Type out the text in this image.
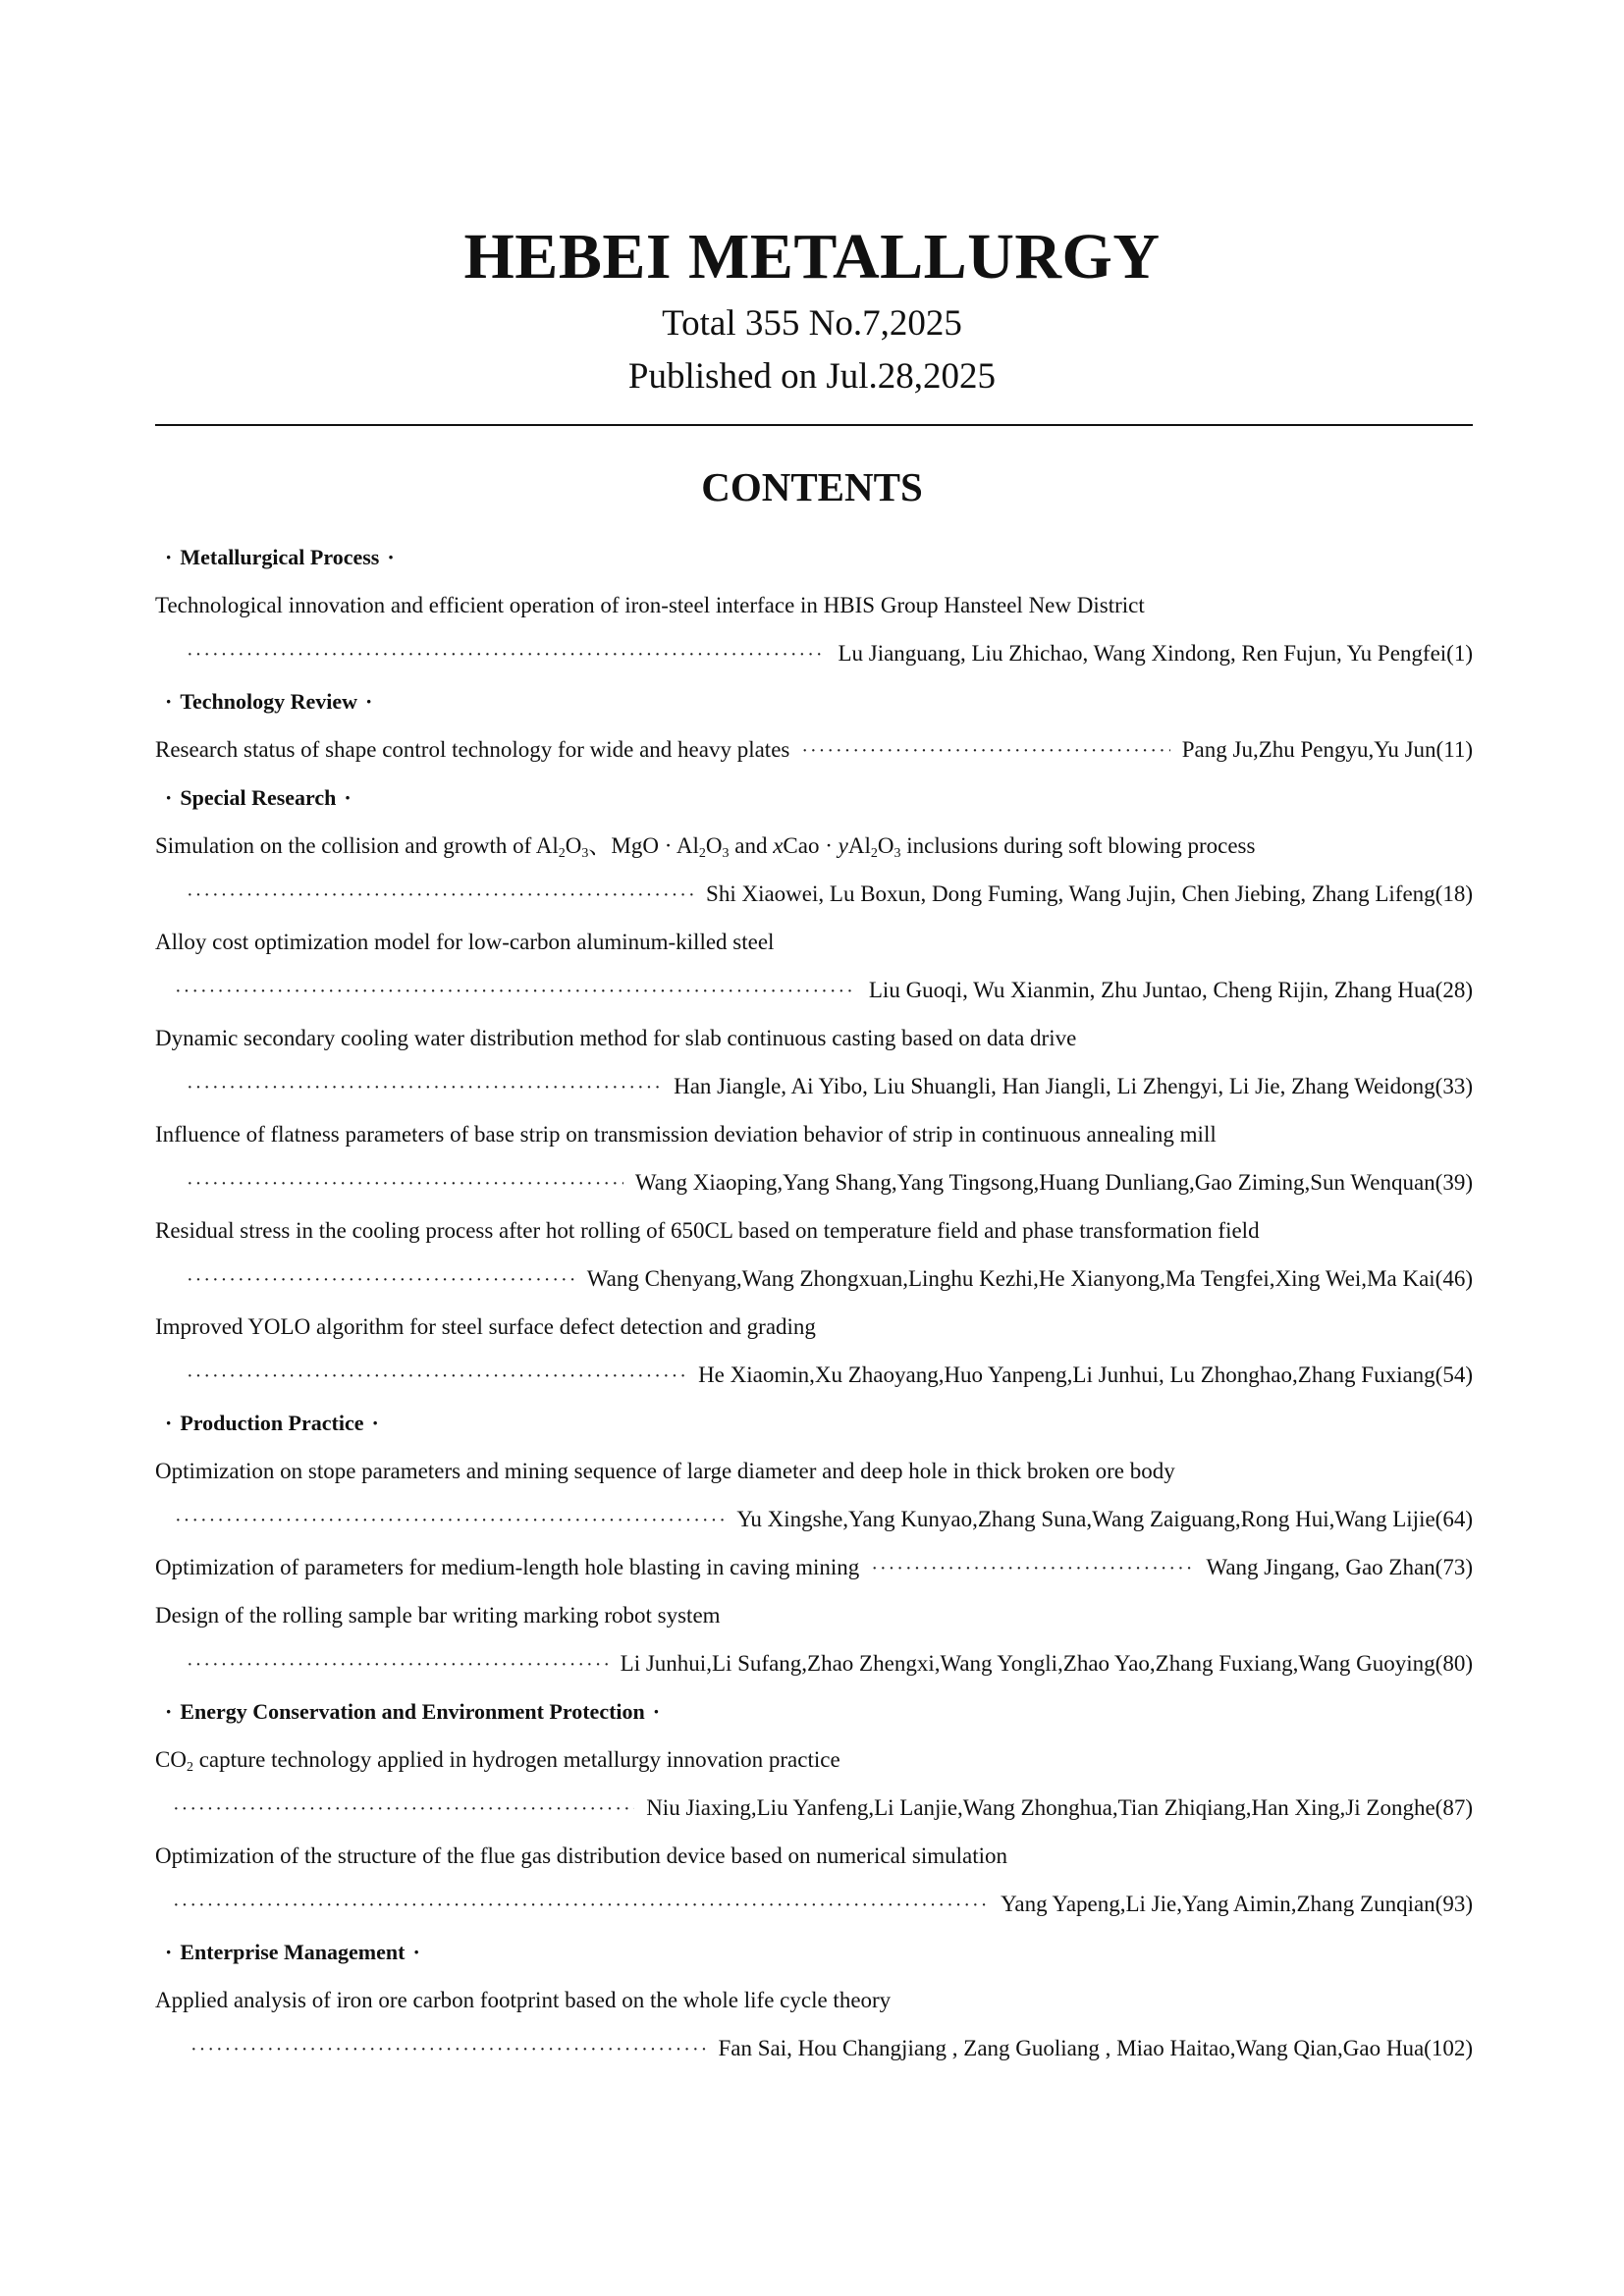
HEBEI METALLURGY
Total 355 No.7,2025
Published on Jul.28,2025
CONTENTS
· Metallurgical Process ·
Technological innovation and efficient operation of iron-steel interface in HBIS Group Hansteel New District
·····
Lu Jianguang, Liu Zhichao, Wang Xindong, Ren Fujun, Yu Pengfei (1)
· Technology Review ·
Research status of shape control technology for wide and heavy plates ·····	Pang Ju,Zhu Pengyu,Yu Jun (11)
· Special Research ·
Simulation on the collision and growth of $Al_2O_3$、MgO · $Al_2O_3$ and xCao · $yAl_2O_3$ inclusions during soft blowing process
·····
Shi Xiaowei, Lu Boxun, Dong Fuming, Wang Jujin, Chen Jiebing, Zhang Lifeng (18)
Alloy cost optimization model for low-carbon aluminum-killed steel
·····
Liu Guoqi, Wu Xianmin, Zhu Juntao, Cheng Rijin, Zhang Hua (28)
Dynamic secondary cooling water distribution method for slab continuous casting based on data drive
·····
Han Jiangle, Ai Yibo, Liu Shuangli, Han Jiangli, Li Zhengyi, Li Jie, Zhang Weidong (33)
Influence of flatness parameters of base strip on transmission deviation behavior of strip in continuous annealing mill
·····
Wang Xiaoping,Yang Shang,Yang Tingsong,Huang Dunliang,Gao Ziming,Sun Wenquan (39)
Residual stress in the cooling process after hot rolling of 650CL based on temperature field and phase transformation field
·····
Wang Chenyang,Wang Zhongxuan,Linghu Kezhi,He Xianyong,Ma Tengfei,Xing Wei,Ma Kai (46)
Improved YOLO algorithm for steel surface defect detection and grading
·····
He Xiaomin,Xu Zhaoyang,Huo Yanpeng,Li Junhui, Lu Zhonghao,Zhang Fuxiang (54)
· Production Practice ·
Optimization on stope parameters and mining sequence of large diameter and deep hole in thick broken ore body
·····
Yu Xingshe,Yang Kunyao,Zhang Suna,Wang Zaiguang,Rong Hui,Wang Lijie (64)
Optimization of parameters for medium-length hole blasting in caving mining ·····	Wang Jingang, Gao Zhan (73)
Design of the rolling sample bar writing marking robot system
·····
Li Junhui,Li Sufang,Zhao Zhengxi,Wang Yongli,Zhao Yao,Zhang Fuxiang,Wang Guoying (80)
· Energy Conservation and Environment Protection ·
$CO_2$ capture technology applied in hydrogen metallurgy innovation practice
·····
Niu Jiaxing,Liu Yanfeng,Li Lanjie,Wang Zhonghua,Tian Zhiqiang,Han Xing,Ji Zonghe (87)
Optimization of the structure of the flue gas distribution device based on numerical simulation
·····
Yang Yapeng,Li Jie,Yang Aimin,Zhang Zunqian (93)
· Enterprise Management ·
Applied analysis of iron ore carbon footprint based on the whole life cycle theory
·····
Fan Sai, Hou Changjiang , Zang Guoliang , Miao Haitao,Wang Qian,Gao Hua (102)
